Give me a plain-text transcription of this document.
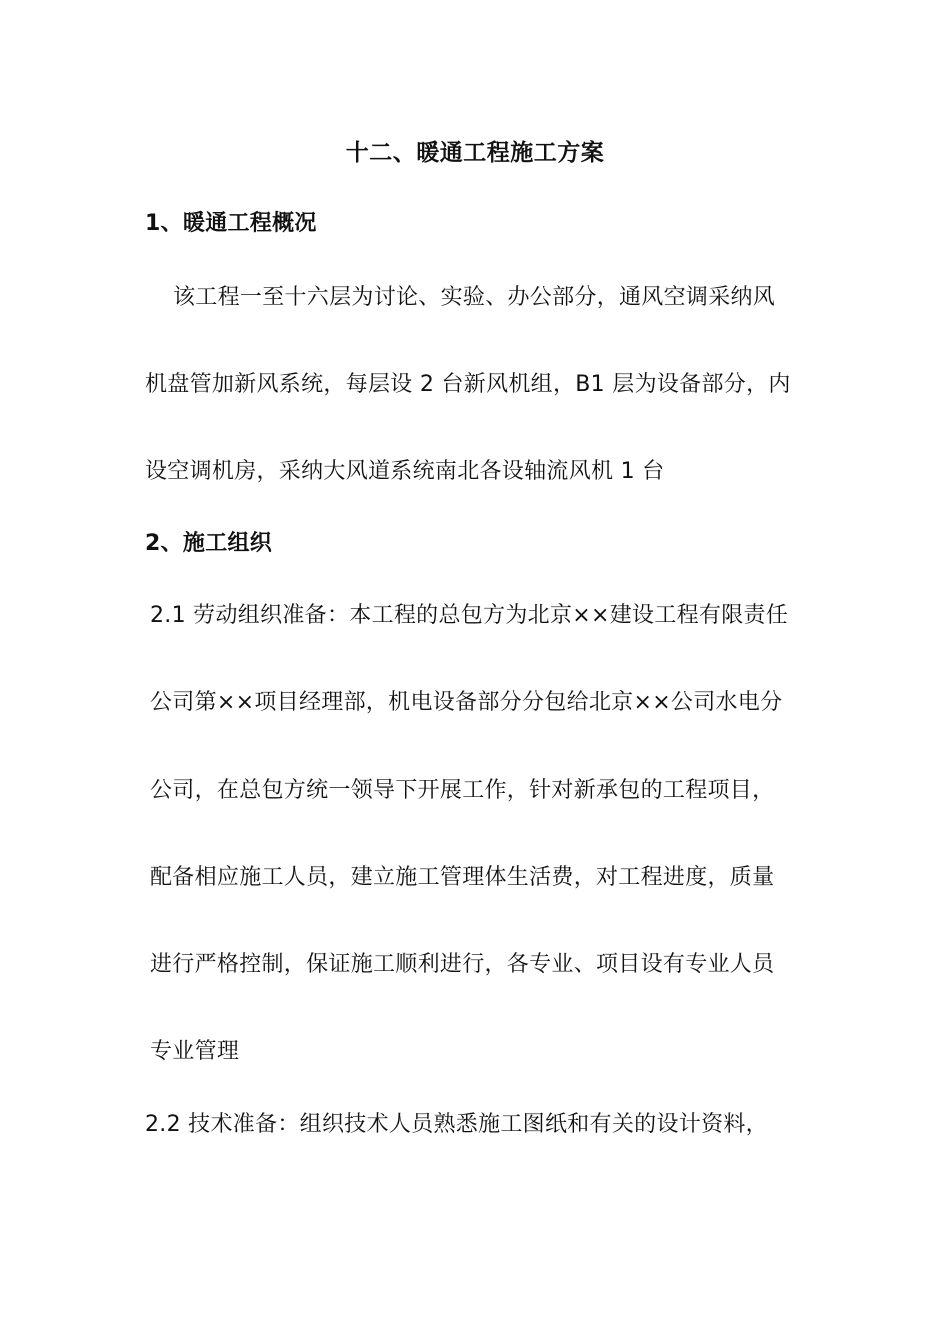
十二、暖通工程施工方案
1、暖通工程概况
该工程一至十六层为讨论、实验、办公部分，通风空调采纳风
机盘管加新风系统，每层设 2 台新风机组，B1 层为设备部分，内
设空调机房，采纳大风道系统南北各设轴流风机 1 台
2、施工组织
2.1 劳动组织准备：本工程的总包方为北京××建设工程有限责任
公司第××项目经理部，机电设备部分分包给北京××公司水电分
公司，在总包方统一领导下开展工作，针对新承包的工程项目，
配备相应施工人员，建立施工管理体生活费，对工程进度，质量
进行严格控制，保证施工顺利进行，各专业、项目设有专业人员
专业管理
2.2 技术准备：组织技术人员熟悉施工图纸和有关的设计资料，
